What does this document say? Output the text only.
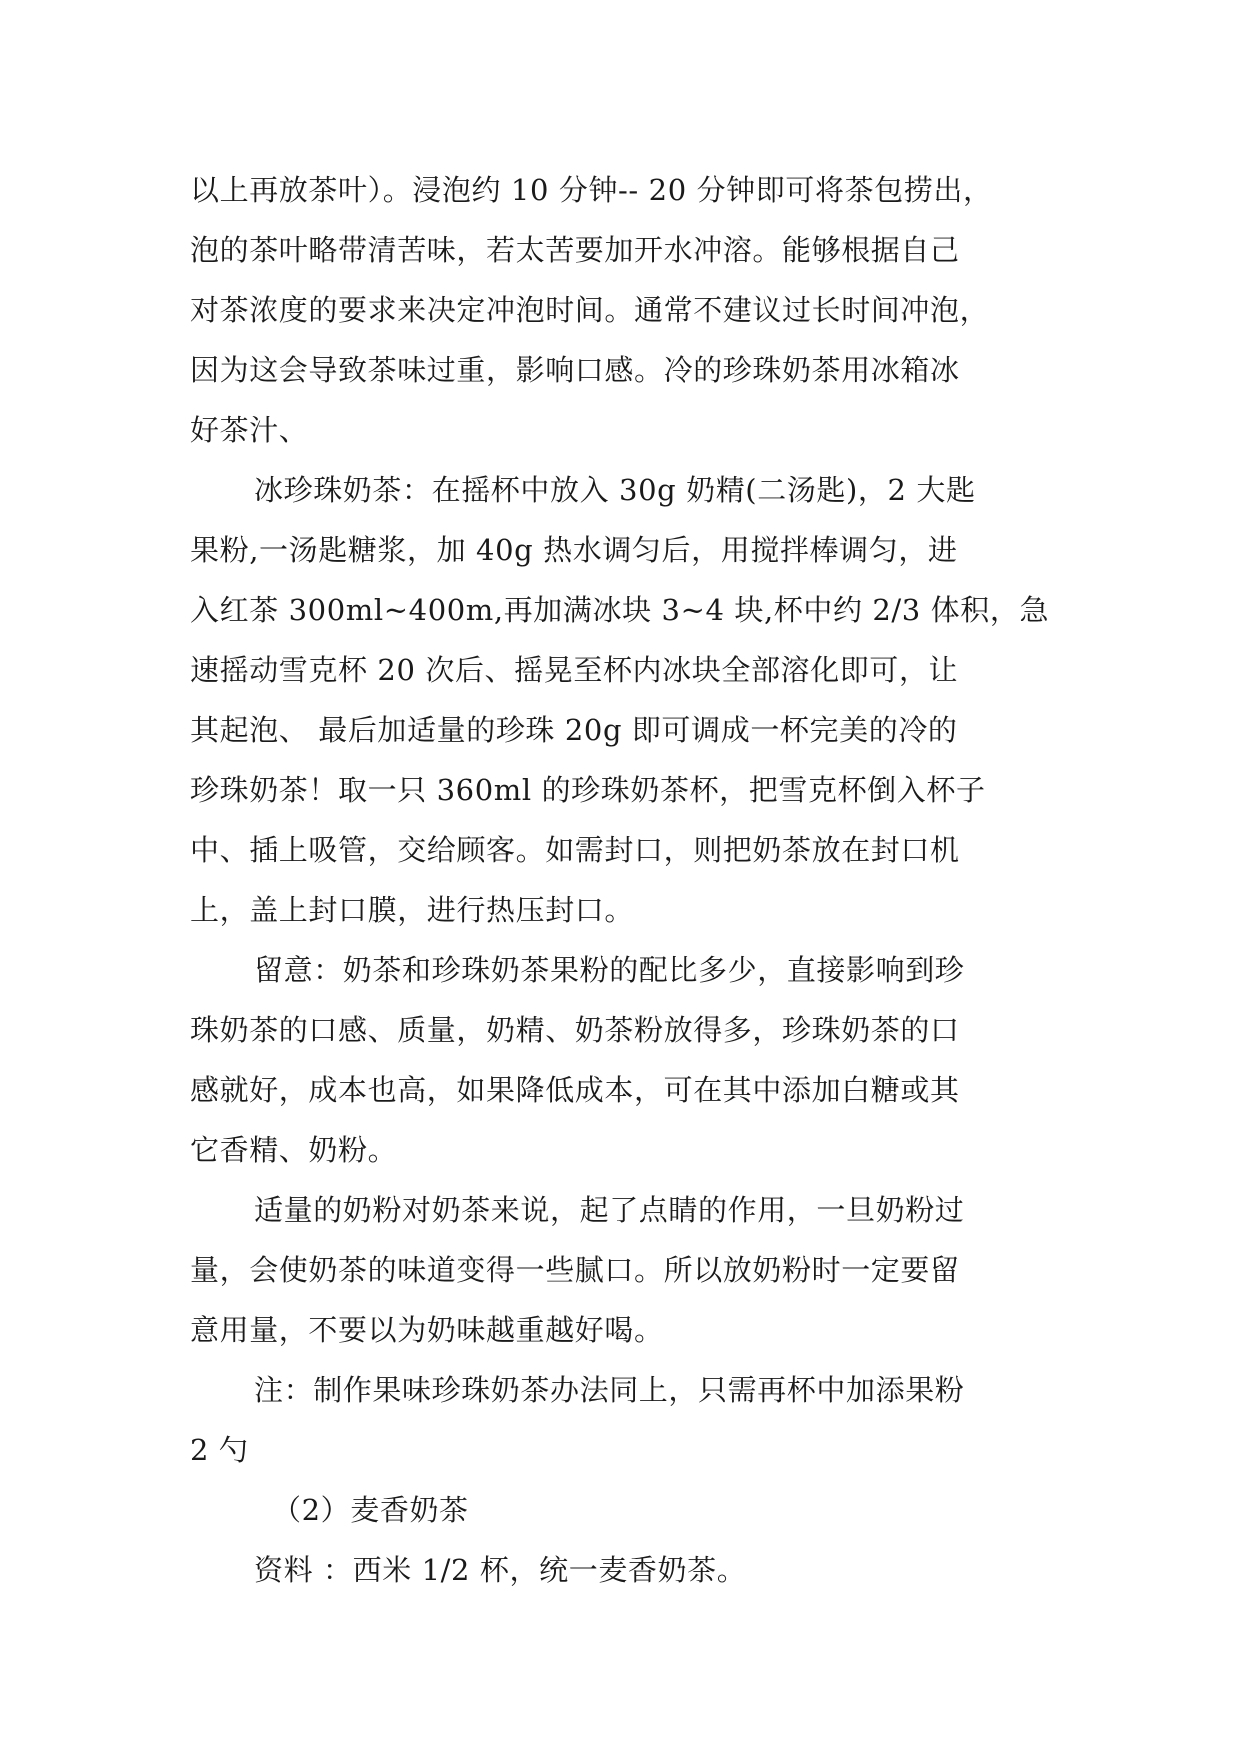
以上再放茶叶）。浸泡约 10 分钟-- 20 分钟即可将茶包捞出，
泡的茶叶略带清苦味，若太苦要加开水冲溶。能够根据自己
对茶浓度的要求来决定冲泡时间。通常不建议过长时间冲泡，
因为这会导致茶味过重，影响口感。冷的珍珠奶茶用冰箱冰
好茶汁、
冰珍珠奶茶：在摇杯中放入 30g 奶精(二汤匙)，2 大匙
果粉,一汤匙糖浆，加 40g 热水调匀后，用搅拌棒调匀，进
入红茶 300ml~400m,再加满冰块 3~4 块,杯中约 2/3 体积，急
速摇动雪克杯 20 次后、摇晃至杯内冰块全部溶化即可，让
其起泡、 最后加适量的珍珠 20g 即可调成一杯完美的冷的
珍珠奶茶！取一只 360ml 的珍珠奶茶杯，把雪克杯倒入杯子
中、插上吸管，交给顾客。如需封口，则把奶茶放在封口机
上，盖上封口膜，进行热压封口。
留意：奶茶和珍珠奶茶果粉的配比多少，直接影响到珍
珠奶茶的口感、质量，奶精、奶茶粉放得多，珍珠奶茶的口
感就好，成本也高，如果降低成本，可在其中添加白糖或其
它香精、奶粉。
适量的奶粉对奶茶来说，起了点睛的作用，一旦奶粉过
量，会使奶茶的味道变得一些腻口。所以放奶粉时一定要留
意用量，不要以为奶味越重越好喝。
注：制作果味珍珠奶茶办法同上，只需再杯中加添果粉
2 勺
（2）麦香奶茶
资料 ：西米 1/2 杯，统一麦香奶茶。
